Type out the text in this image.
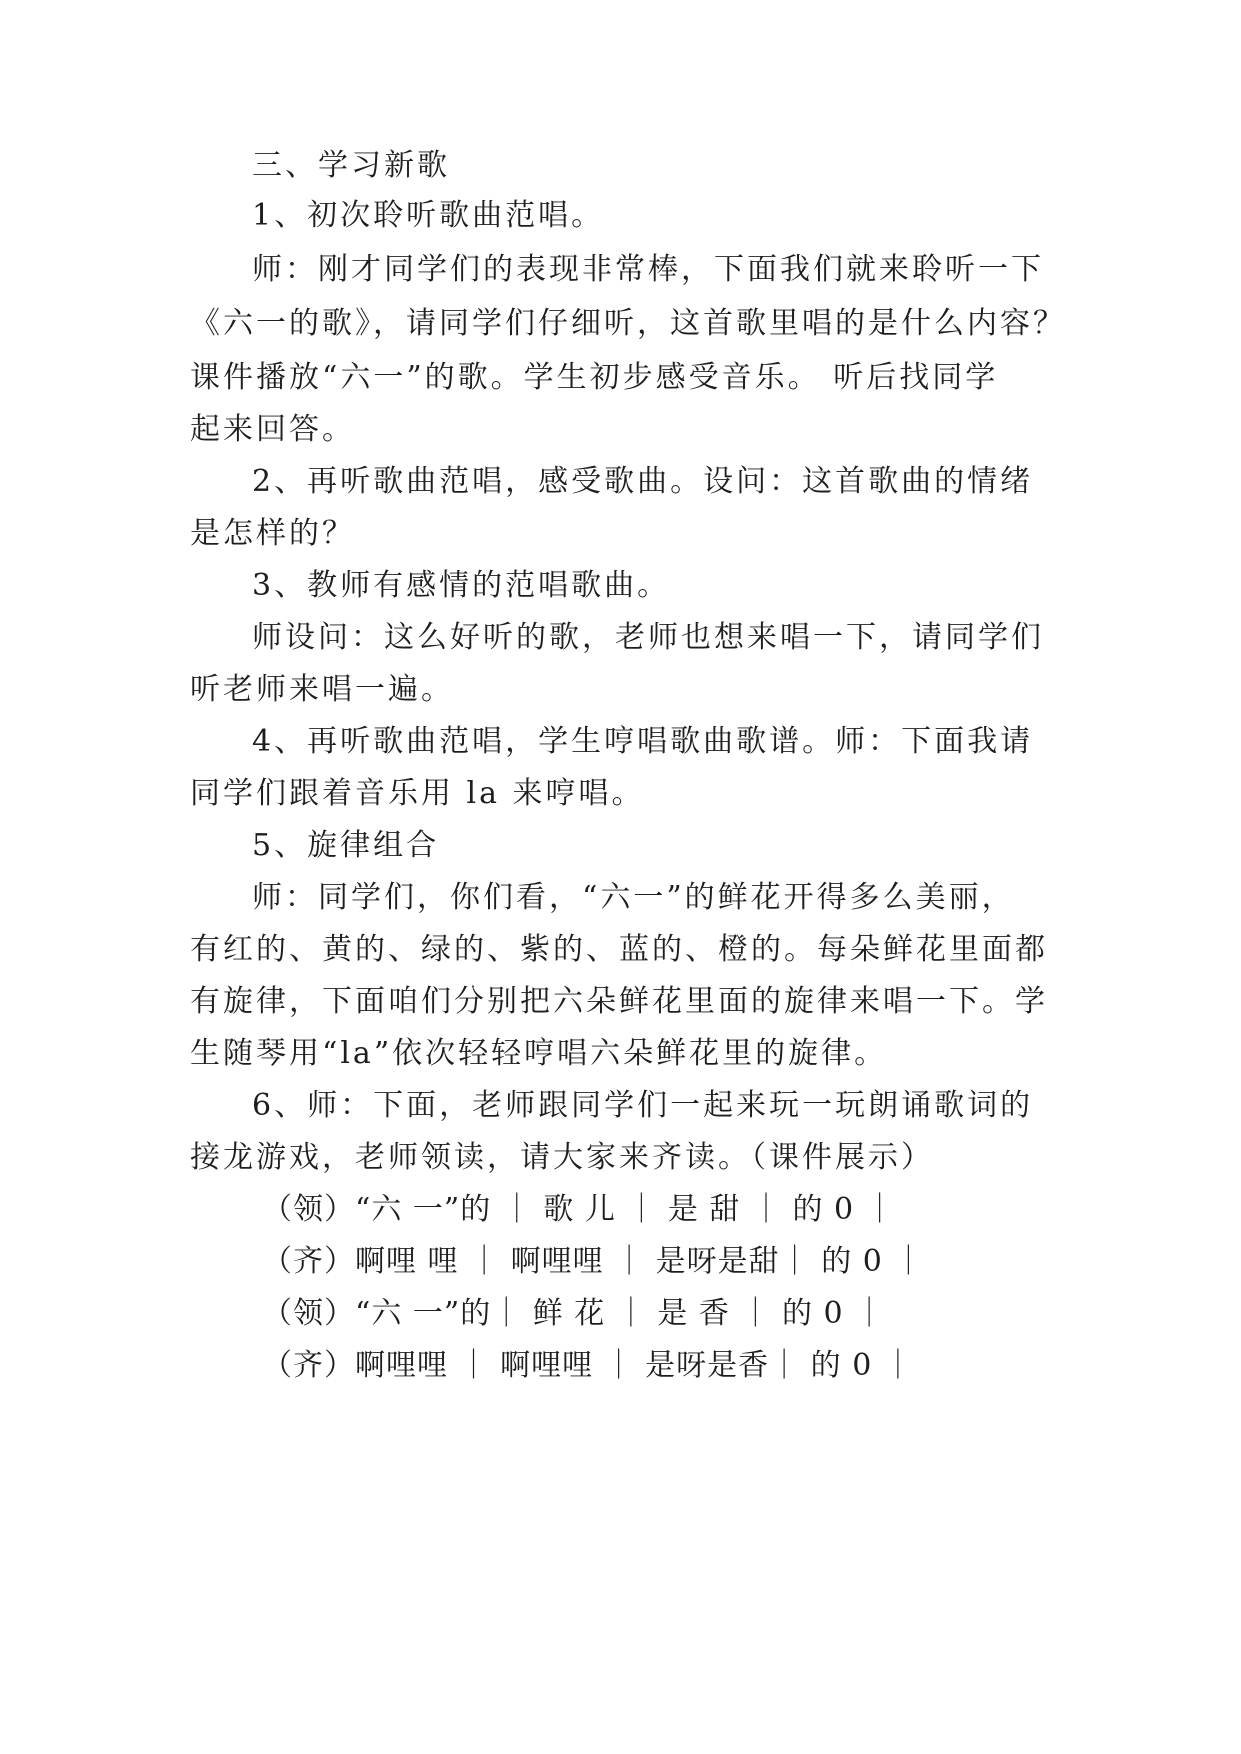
三、学习新歌
1、初次聆听歌曲范唱。
师：刚才同学们的表现非常棒，下面我们就来聆听一下
《六一的歌》，请同学们仔细听，这首歌里唱的是什么内容？
课件播放“六一”的歌。学生初步感受音乐。 听后找同学
起来回答。
2、再听歌曲范唱，感受歌曲。设问：这首歌曲的情绪
是怎样的？
3、教师有感情的范唱歌曲。
师设问：这么好听的歌，老师也想来唱一下，请同学们
听老师来唱一遍。
4、再听歌曲范唱，学生哼唱歌曲歌谱。师：下面我请
同学们跟着音乐用 la 来哼唱。
5、旋律组合
师：同学们，你们看，“六一”的鲜花开得多么美丽，
有红的、黄的、绿的、紫的、蓝的、橙的。每朵鲜花里面都
有旋律，下面咱们分别把六朵鲜花里面的旋律来唱一下。学
生随琴用“la”依次轻轻哼唱六朵鲜花里的旋律。
6、师：下面，老师跟同学们一起来玩一玩朗诵歌词的
接龙游戏，老师领读，请大家来齐读。（课件展示）
（领）“六 一”的 ｜ 歌 儿 ｜ 是 甜 ｜ 的 0 ｜
（齐）啊哩 哩 ｜ 啊哩哩 ｜ 是呀是甜｜ 的 0 ｜
（领）“六 一”的｜ 鲜 花 ｜ 是 香 ｜ 的 0 ｜
（齐）啊哩哩 ｜ 啊哩哩 ｜ 是呀是香｜ 的 0 ｜
